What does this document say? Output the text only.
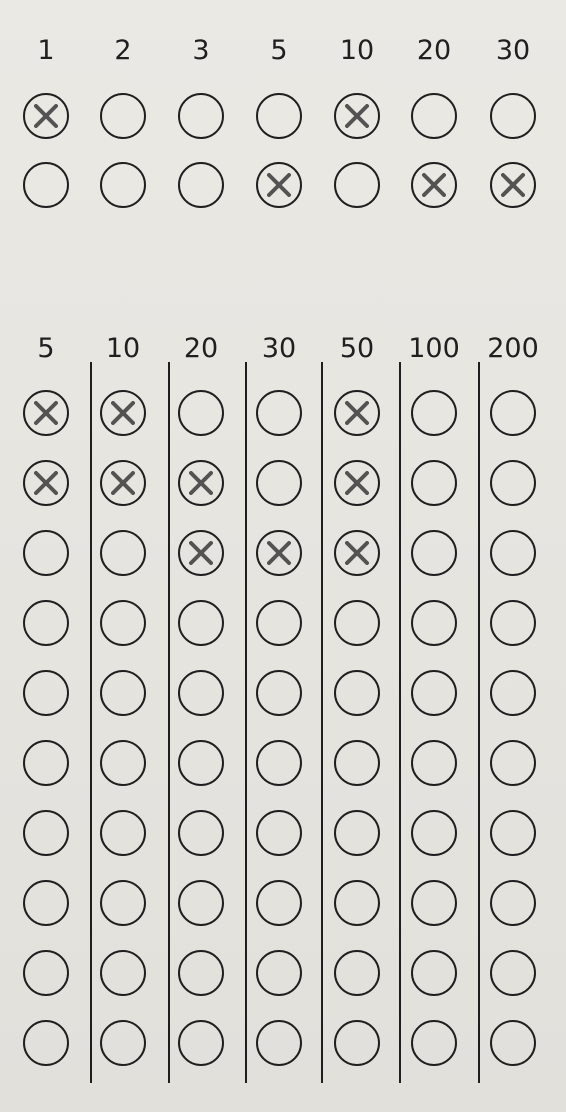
1 2 3 5 10 20 30
5 10 20 30 50 100 200
